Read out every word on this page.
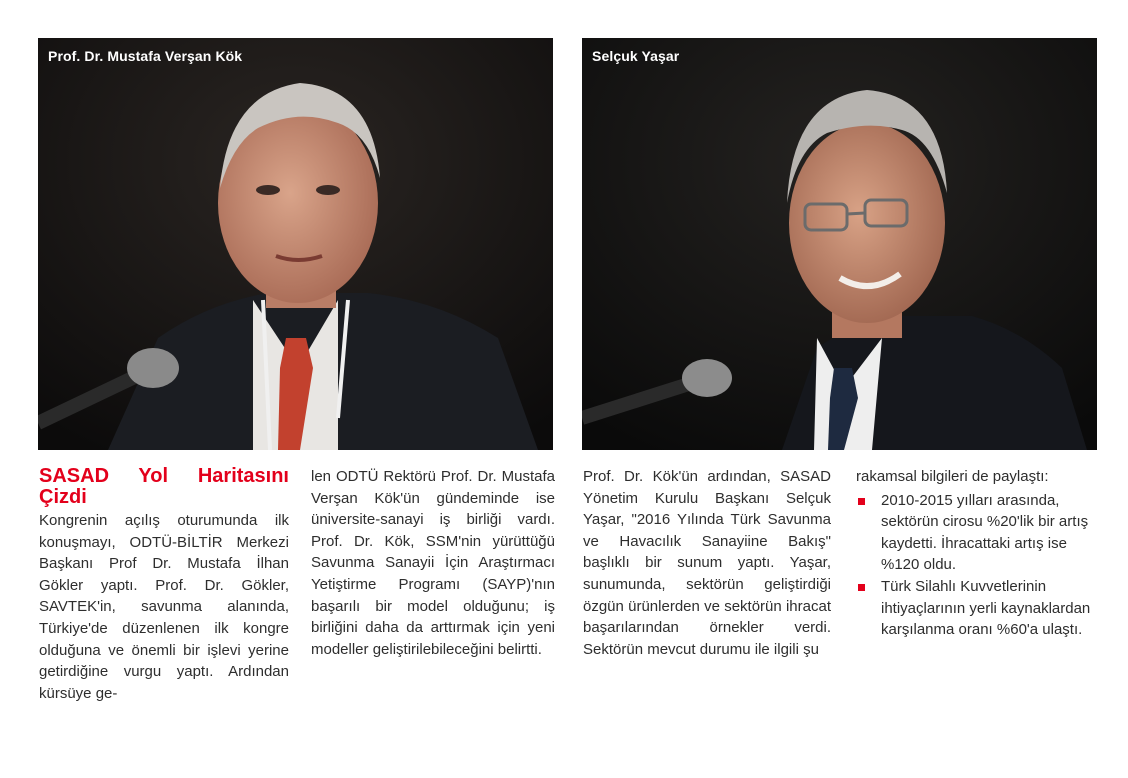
Prof. Dr. Mustafa Verşan Kök	Selçuk Yaşar
SASAD Yol Haritasını Çizdi
Kongrenin açılış oturumunda ilk konuşmayı, ODTÜ-BİLTİR Merkezi Başkanı Prof Dr. Mustafa İlhan Gökler yaptı. Prof. Dr. Gökler, SAVTEK'in, savunma alanında, Türkiye'de düzenlenen ilk kongre olduğuna ve önemli bir işlevi yerine getirdiğine vurgu yaptı. Ardından kürsüye ge-
len ODTÜ Rektörü Prof. Dr. Mustafa Verşan Kök'ün gündeminde ise üniversite-sanayi iş birliği vardı. Prof. Dr. Kök, SSM'nin yürüttüğü Savunma Sanayii İçin Araştırmacı Yetiştirme Programı (SAYP)'nın başarılı bir model olduğunu; iş birliğini daha da arttırmak için yeni modeller geliştirilebileceğini belirtti.
Prof. Dr. Kök'ün ardından, SASAD Yönetim Kurulu Başkanı Selçuk Yaşar, "2016 Yılında Türk Savunma ve Havacılık Sanayiine Bakış" başlıklı bir sunum yaptı. Yaşar, sunumunda, sektörün geliştirdiği özgün ürünlerden ve sektörün ihracat başarılarından örnekler verdi. Sektörün mevcut durumu ile ilgili şu
rakamsal bilgileri de paylaştı:
2010-2015 yılları arasında, sektörün cirosu %20'lik bir artış kaydetti. İhracattaki artış ise %120 oldu.
Türk Silahlı Kuvvetlerinin ihtiyaçlarının yerli kaynaklardan karşılanma oranı %60'a ulaştı.
